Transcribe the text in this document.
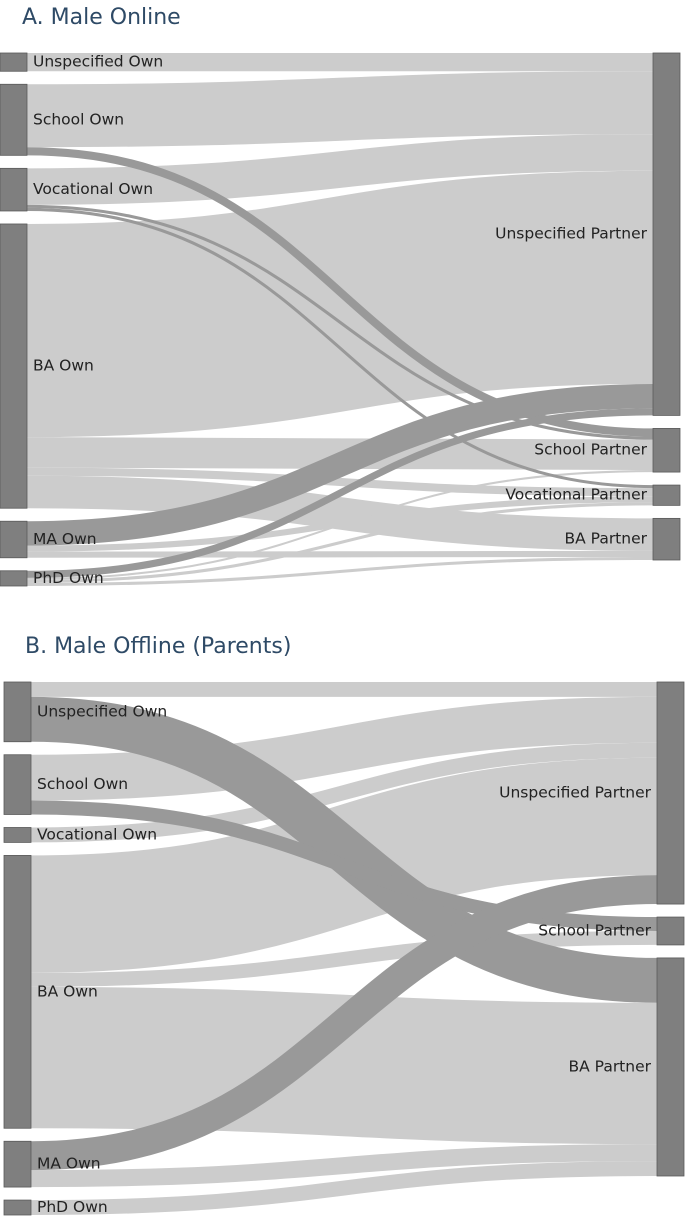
A. Male Online
Unspecified Own
School Own
Vocational Own
BA Own
MA Own
PhD Own
Unspecified Partner
School Partner
Vocational Partner
BA Partner
B. Male Offline (Parents)
Unspecified Own
School Own
Vocational Own
BA Own
MA Own
PhD Own
Unspecified Partner
School Partner
BA Partner
